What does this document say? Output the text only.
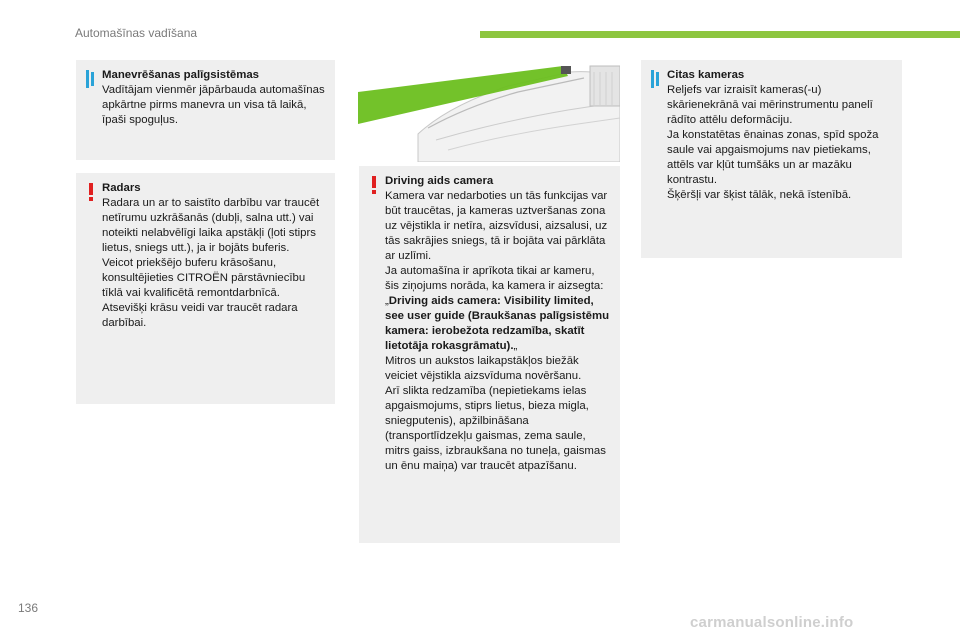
Automašīnas vadīšana
Manevrēšanas palīgsistēmas

Vadītājam vienmēr jāpārbauda automašīnas apkārtne pirms manevra un visa tā laikā, īpaši spoguļus.

Radars

Radara un ar to saistīto darbību var traucēt netīrumu uzkrāšanās (dubļi, salna utt.) vai noteikti nelabvēlīgi laika apstākļi (ļoti stiprs lietus, sniegs utt.), ja ir bojāts buferis.

Veicot priekšējo buferu krāsošanu, konsultējieties CITROËN pārstāvniecību tīklā vai kvalificētā remontdarbnīcā.

Atsevišķi krāsu veidi var traucēt radara darbībai.

Driving aids camera

Kamera var nedarboties un tās funkcijas var būt traucētas, ja kameras uztveršanas zona uz vējstikla ir netīra, aizsvīdusi, aizsalusi, uz tās sakrājies sniegs, tā ir bojāta vai pārklāta ar uzlīmi.

Ja automašīna ir aprīkota tikai ar kameru, šis ziņojums norāda, ka kamera ir aizsegta: „Driving aids camera: Visibility limited, see user guide (Braukšanas palīgsistēmu kamera: ierobežota redzamība, skatīt lietotāja rokasgrāmatu).„

Mitros un aukstos laikapstākļos biežāk veiciet vējstikla aizsvīduma novēršanu.

Arī slikta redzamība (nepietiekams ielas apgaismojums, stiprs lietus, bieza migla, sniegputenis), apžilbināšana (transportlīdzekļu gaismas, zema saule, mitrs gaiss, izbraukšana no tuneļa, gaismas un ēnu maiņa) var traucēt atpazīšanu.

Citas kameras

Reljefs var izraisīt kameras(-u) skārienekrānā vai mērinstrumentu panelī rādīto attēlu deformāciju.

Ja konstatētas ēnainas zonas, spīd spoža saule vai apgaismojums nav pietiekams, attēls var kļūt tumšāks un ar mazāku kontrastu.

Šķēršļi var šķist tālāk, nekā īstenībā.

136
carmanualsonline.info
